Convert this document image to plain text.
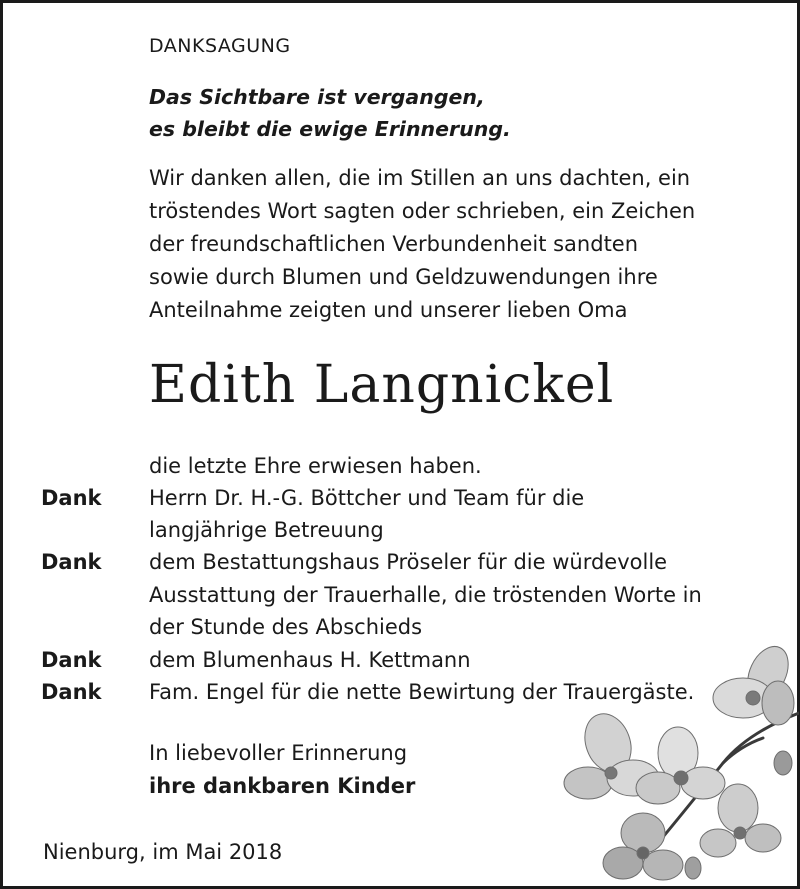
DANKSAGUNG
Das Sichtbare ist vergangen,
es bleibt die ewige Erinnerung.
Wir danken allen, die im Stillen an uns dachten, ein
tröstendes Wort sagten oder schrieben, ein Zeichen
der freundschaftlichen Verbundenheit sandten
sowie durch Blumen und Geldzuwendungen ihre
Anteilnahme zeigten und unserer lieben Oma
Edith Langnickel
die letzte Ehre erwiesen haben.
Dank Herrn Dr. H.-G. Böttcher und Team für die
langjährige Betreuung
Dank dem Bestattungshaus Pröseler für die würdevolle
Ausstattung der Trauerhalle, die tröstenden Worte in
der Stunde des Abschieds
Dank dem Blumenhaus H. Kettmann
Dank Fam. Engel für die nette Bewirtung der Trauergäste.
In liebevoller Erinnerung
ihre dankbaren Kinder
Nienburg, im Mai 2018
